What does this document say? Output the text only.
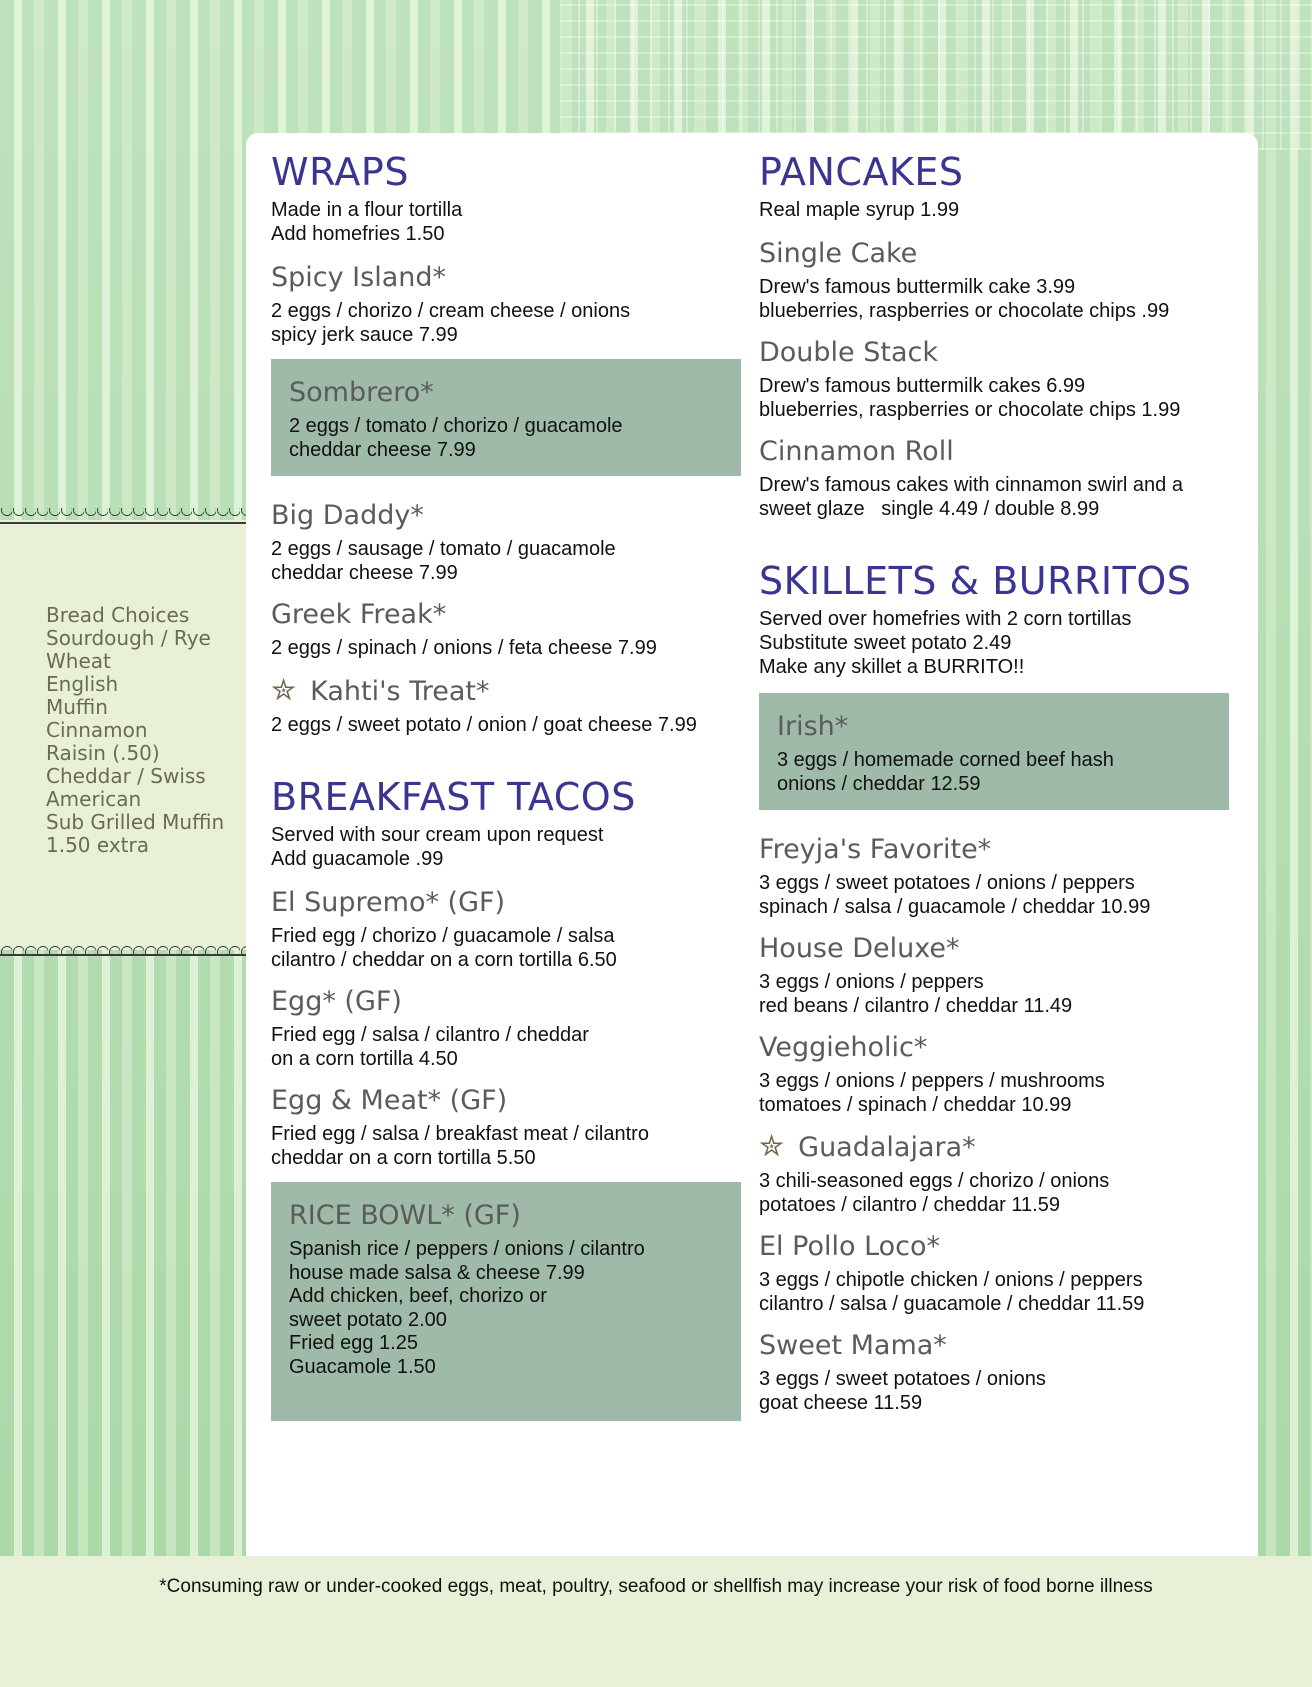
Bread Choices
Sourdough / Rye
Wheat
English
Muffin
Cinnamon
Raisin (.50)
Cheddar / Swiss
American
Sub Grilled Muffin
1.50 extra
WRAPS
Made in a flour tortilla
Add homefries 1.50
Spicy Island*
2 eggs / chorizo / cream cheese / onions
spicy jerk sauce 7.99
Sombrero*
2 eggs / tomato / chorizo / guacamole
cheddar cheese 7.99
Big Daddy*
2 eggs / sausage / tomato / guacamole
cheddar cheese 7.99
Greek Freak*
2 eggs / spinach / onions / feta cheese 7.99
✮ Kahti's Treat*
2 eggs / sweet potato / onion / goat cheese 7.99
BREAKFAST TACOS
Served with sour cream upon request
Add guacamole .99
El Supremo* (GF)
Fried egg / chorizo / guacamole / salsa
cilantro / cheddar on a corn tortilla 6.50
Egg* (GF)
Fried egg / salsa / cilantro / cheddar
on a corn tortilla 4.50
Egg & Meat* (GF)
Fried egg / salsa / breakfast meat / cilantro
cheddar on a corn tortilla 5.50
RICE BOWL* (GF)
Spanish rice / peppers / onions / cilantro
house made salsa & cheese 7.99
Add chicken, beef, chorizo or
sweet potato 2.00
Fried egg 1.25
Guacamole 1.50
PANCAKES
Real maple syrup 1.99
Single Cake
Drew's famous buttermilk cake 3.99
blueberries, raspberries or chocolate chips .99
Double Stack
Drew's famous buttermilk cakes 6.99
blueberries, raspberries or chocolate chips 1.99
Cinnamon Roll
Drew's famous cakes with cinnamon swirl and a
sweet glaze   single 4.49 / double 8.99
SKILLETS & BURRITOS
Served over homefries with 2 corn tortillas
Substitute sweet potato 2.49
Make any skillet a BURRITO!!
Irish*
3 eggs / homemade corned beef hash
onions / cheddar 12.59
Freyja's Favorite*
3 eggs / sweet potatoes / onions / peppers
spinach / salsa / guacamole / cheddar 10.99
House Deluxe*
3 eggs / onions / peppers
red beans / cilantro / cheddar 11.49
Veggieholic*
3 eggs / onions / peppers / mushrooms
tomatoes / spinach / cheddar 10.99
✮ Guadalajara*
3 chili-seasoned eggs / chorizo / onions
potatoes / cilantro / cheddar 11.59
El Pollo Loco*
3 eggs / chipotle chicken / onions / peppers
cilantro / salsa / guacamole / cheddar 11.59
Sweet Mama*
3 eggs / sweet potatoes / onions
goat cheese 11.59
*Consuming raw or under-cooked eggs, meat, poultry, seafood or shellfish may increase your risk of food borne illness
